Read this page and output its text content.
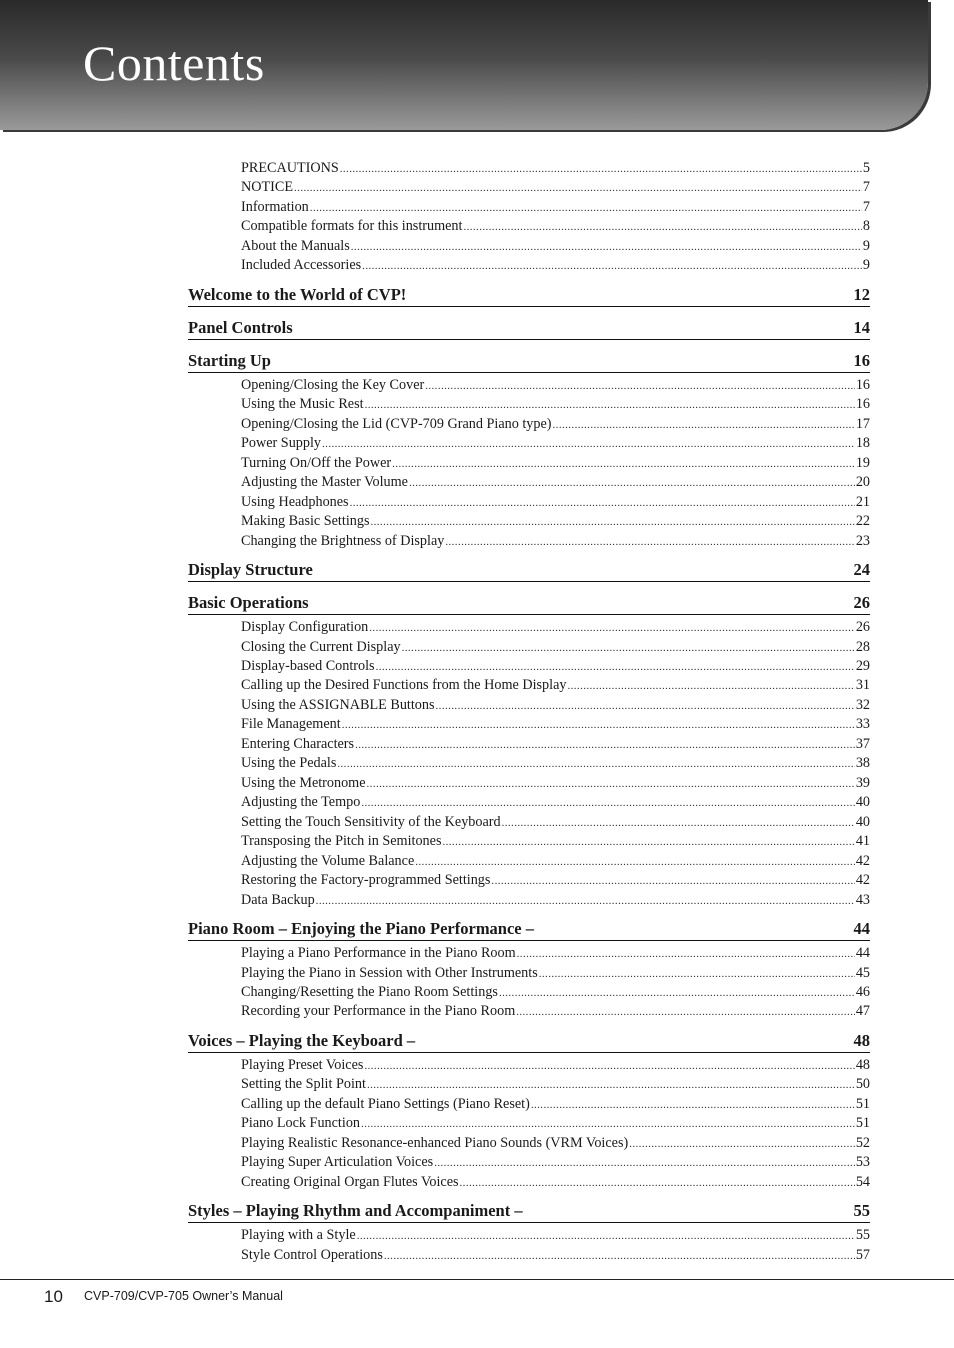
Contents
PRECAUTIONS .....	5
NOTICE .....	7
Information .....	7
Compatible formats for this instrument .....	8
About the Manuals .....	9
Included Accessories .....	9
Welcome to the World of CVP!	12
Panel Controls	14
Starting Up	16
Opening/Closing the Key Cover .....	16
Using the Music Rest .....	16
Opening/Closing the Lid (CVP-709 Grand Piano type) .....	17
Power Supply .....	18
Turning On/Off the Power .....	19
Adjusting the Master Volume .....	20
Using Headphones .....	21
Making Basic Settings .....	22
Changing the Brightness of Display .....	23
Display Structure	24
Basic Operations	26
Display Configuration .....	26
Closing the Current Display .....	28
Display-based Controls .....	29
Calling up the Desired Functions from the Home Display .....	31
Using the ASSIGNABLE Buttons .....	32
File Management .....	33
Entering Characters .....	37
Using the Pedals .....	38
Using the Metronome .....	39
Adjusting the Tempo .....	40
Setting the Touch Sensitivity of the Keyboard .....	40
Transposing the Pitch in Semitones .....	41
Adjusting the Volume Balance .....	42
Restoring the Factory-programmed Settings .....	42
Data Backup .....	43
Piano Room – Enjoying the Piano Performance –	44
Playing a Piano Performance in the Piano Room .....	44
Playing the Piano in Session with Other Instruments .....	45
Changing/Resetting the Piano Room Settings .....	46
Recording your Performance in the Piano Room .....	47
Voices – Playing the Keyboard –	48
Playing Preset Voices .....	48
Setting the Split Point .....	50
Calling up the default Piano Settings (Piano Reset) .....	51
Piano Lock Function .....	51
Playing Realistic Resonance-enhanced Piano Sounds (VRM Voices) .....	52
Playing Super Articulation Voices .....	53
Creating Original Organ Flutes Voices .....	54
Styles – Playing Rhythm and Accompaniment –	55
Playing with a Style .....	55
Style Control Operations .....	57
10 CVP-709/CVP-705 Owner’s Manual
